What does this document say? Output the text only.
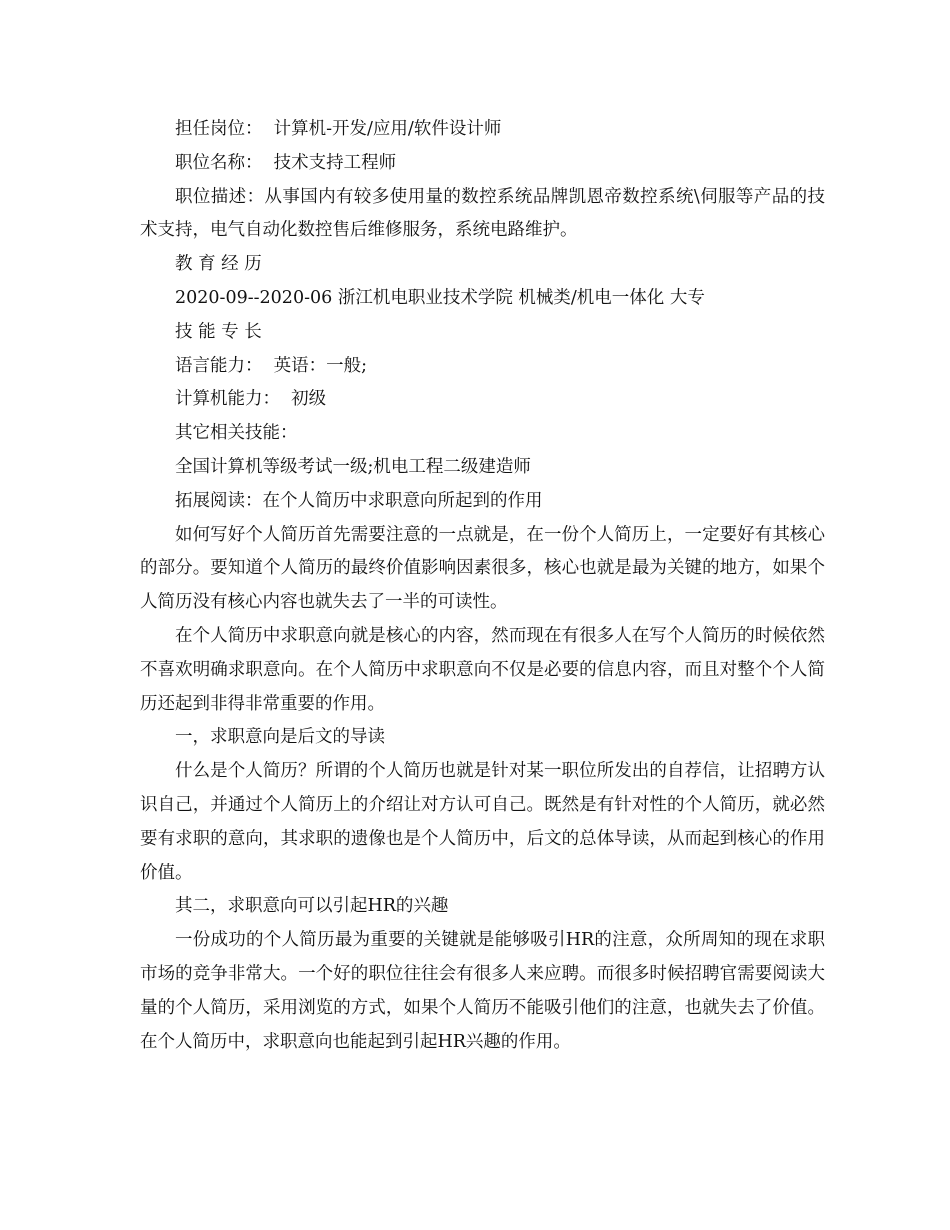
担任岗位：  计算机-开发/应用/软件设计师

职位名称：  技术支持工程师

职位描述：从事国内有较多使用量的数控系统品牌凯恩帝数控系统\伺服等产品的技术支持，电气自动化数控售后维修服务，系统电路维护。

教 育 经 历

2020-09--2020-06 浙江机电职业技术学院 机械类/机电一体化 大专

技 能 专 长

语言能力：  英语：一般;

计算机能力：  初级

其它相关技能：

全国计算机等级考试一级;机电工程二级建造师

拓展阅读：在个人简历中求职意向所起到的作用

如何写好个人简历首先需要注意的一点就是，在一份个人简历上，一定要好有其核心的部分。要知道个人简历的最终价值影响因素很多，核心也就是最为关键的地方，如果个人简历没有核心内容也就失去了一半的可读性。

在个人简历中求职意向就是核心的内容，然而现在有很多人在写个人简历的时候依然不喜欢明确求职意向。在个人简历中求职意向不仅是必要的信息内容，而且对整个个人简历还起到非得非常重要的作用。

一，求职意向是后文的导读

什么是个人简历？所谓的个人简历也就是针对某一职位所发出的自荐信，让招聘方认识自己，并通过个人简历上的介绍让对方认可自己。既然是有针对性的个人简历，就必然要有求职的意向，其求职的遗像也是个人简历中，后文的总体导读，从而起到核心的作用价值。

其二，求职意向可以引起HR的兴趣

一份成功的个人简历最为重要的关键就是能够吸引HR的注意，众所周知的现在求职市场的竞争非常大。一个好的职位往往会有很多人来应聘。而很多时候招聘官需要阅读大量的个人简历，采用浏览的方式，如果个人简历不能吸引他们的注意，也就失去了价值。在个人简历中，求职意向也能起到引起HR兴趣的作用。
